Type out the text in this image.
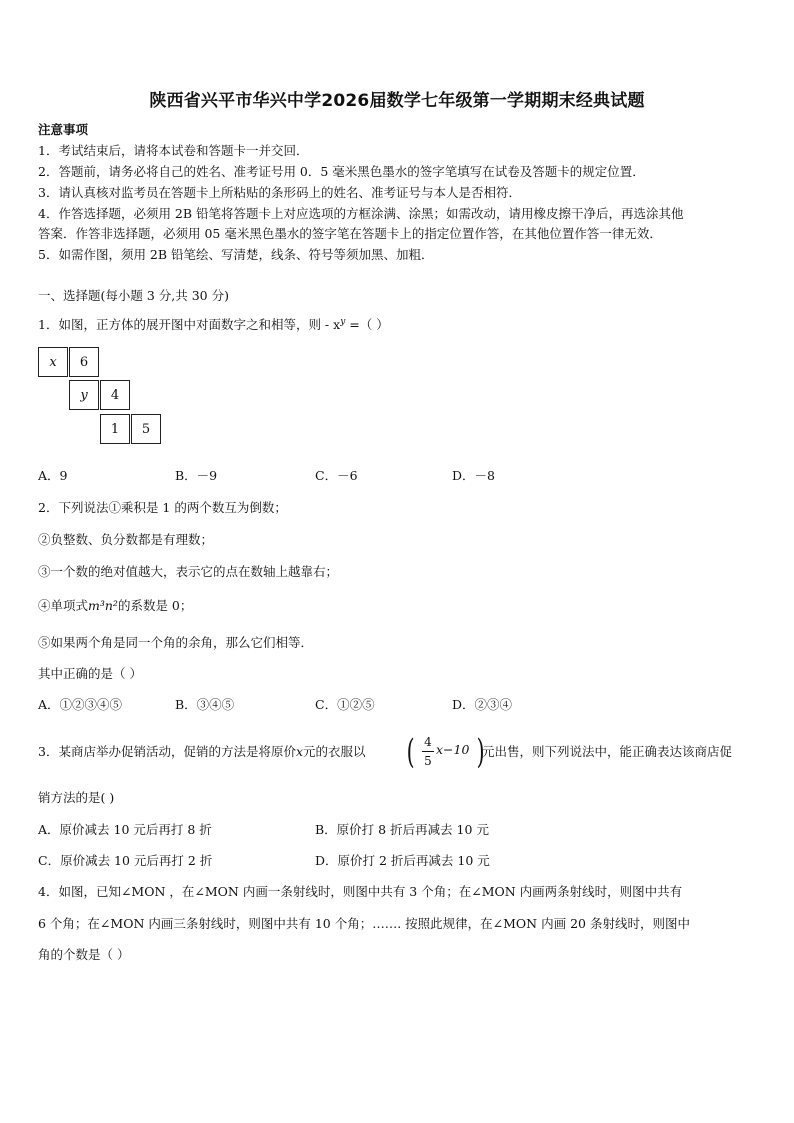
陕西省兴平市华兴中学2026届数学七年级第一学期期末经典试题
注意事项
1．考试结束后，请将本试卷和答题卡一并交回．
2．答题前，请务必将自己的姓名、准考证号用 0．5 毫米黑色墨水的签字笔填写在试卷及答题卡的规定位置．
3．请认真核对监考员在答题卡上所粘贴的条形码上的姓名、准考证号与本人是否相符．
4．作答选择题，必须用 2B 铅笔将答题卡上对应选项的方框涂满、涂黑；如需改动，请用橡皮擦干净后，再选涂其他
答案．作答非选择题，必须用 05 毫米黑色墨水的签字笔在答题卡上的指定位置作答，在其他位置作答一律无效．
5．如需作图，须用 2B 铅笔绘、写清楚，线条、符号等须加黑、加粗．
一、选择题(每小题 3 分,共 30 分)
1．如图，正方体的展开图中对面数字之和相等，则 - $x^y$ =（ ）
x	6
y	4
1	5
A．9	B．－9	C．－6	D．－8
2．下列说法①乘积是 1 的两个数互为倒数；
②负整数、负分数都是有理数；
③一个数的绝对值越大，表示它的点在数轴上越靠右；
④单项式m³n²的系数是 0；
⑤如果两个角是同一个角的余角，那么它们相等．
其中正确的是（ ）
A．①②③④⑤	B．③④⑤	C．①②⑤	D．②③④
3．某商店举办促销活动，促销的方法是将原价x元的衣服以	( 4
5
x−10 )
元出售，则下列说法中，能正确表达该商店促
销方法的是( )
A．原价减去 10 元后再打 8 折	B．原价打 8 折后再减去 10 元
C．原价减去 10 元后再打 2 折	D．原价打 2 折后再减去 10 元
4．如图，已知∠MON ，在∠MON 内画一条射线时，则图中共有 3 个角；在∠MON 内画两条射线时，则图中共有
6 个角；在∠MON 内画三条射线时，则图中共有 10 个角；……. 按照此规律，在∠MON 内画 20 条射线时，则图中
角的个数是（ ）
